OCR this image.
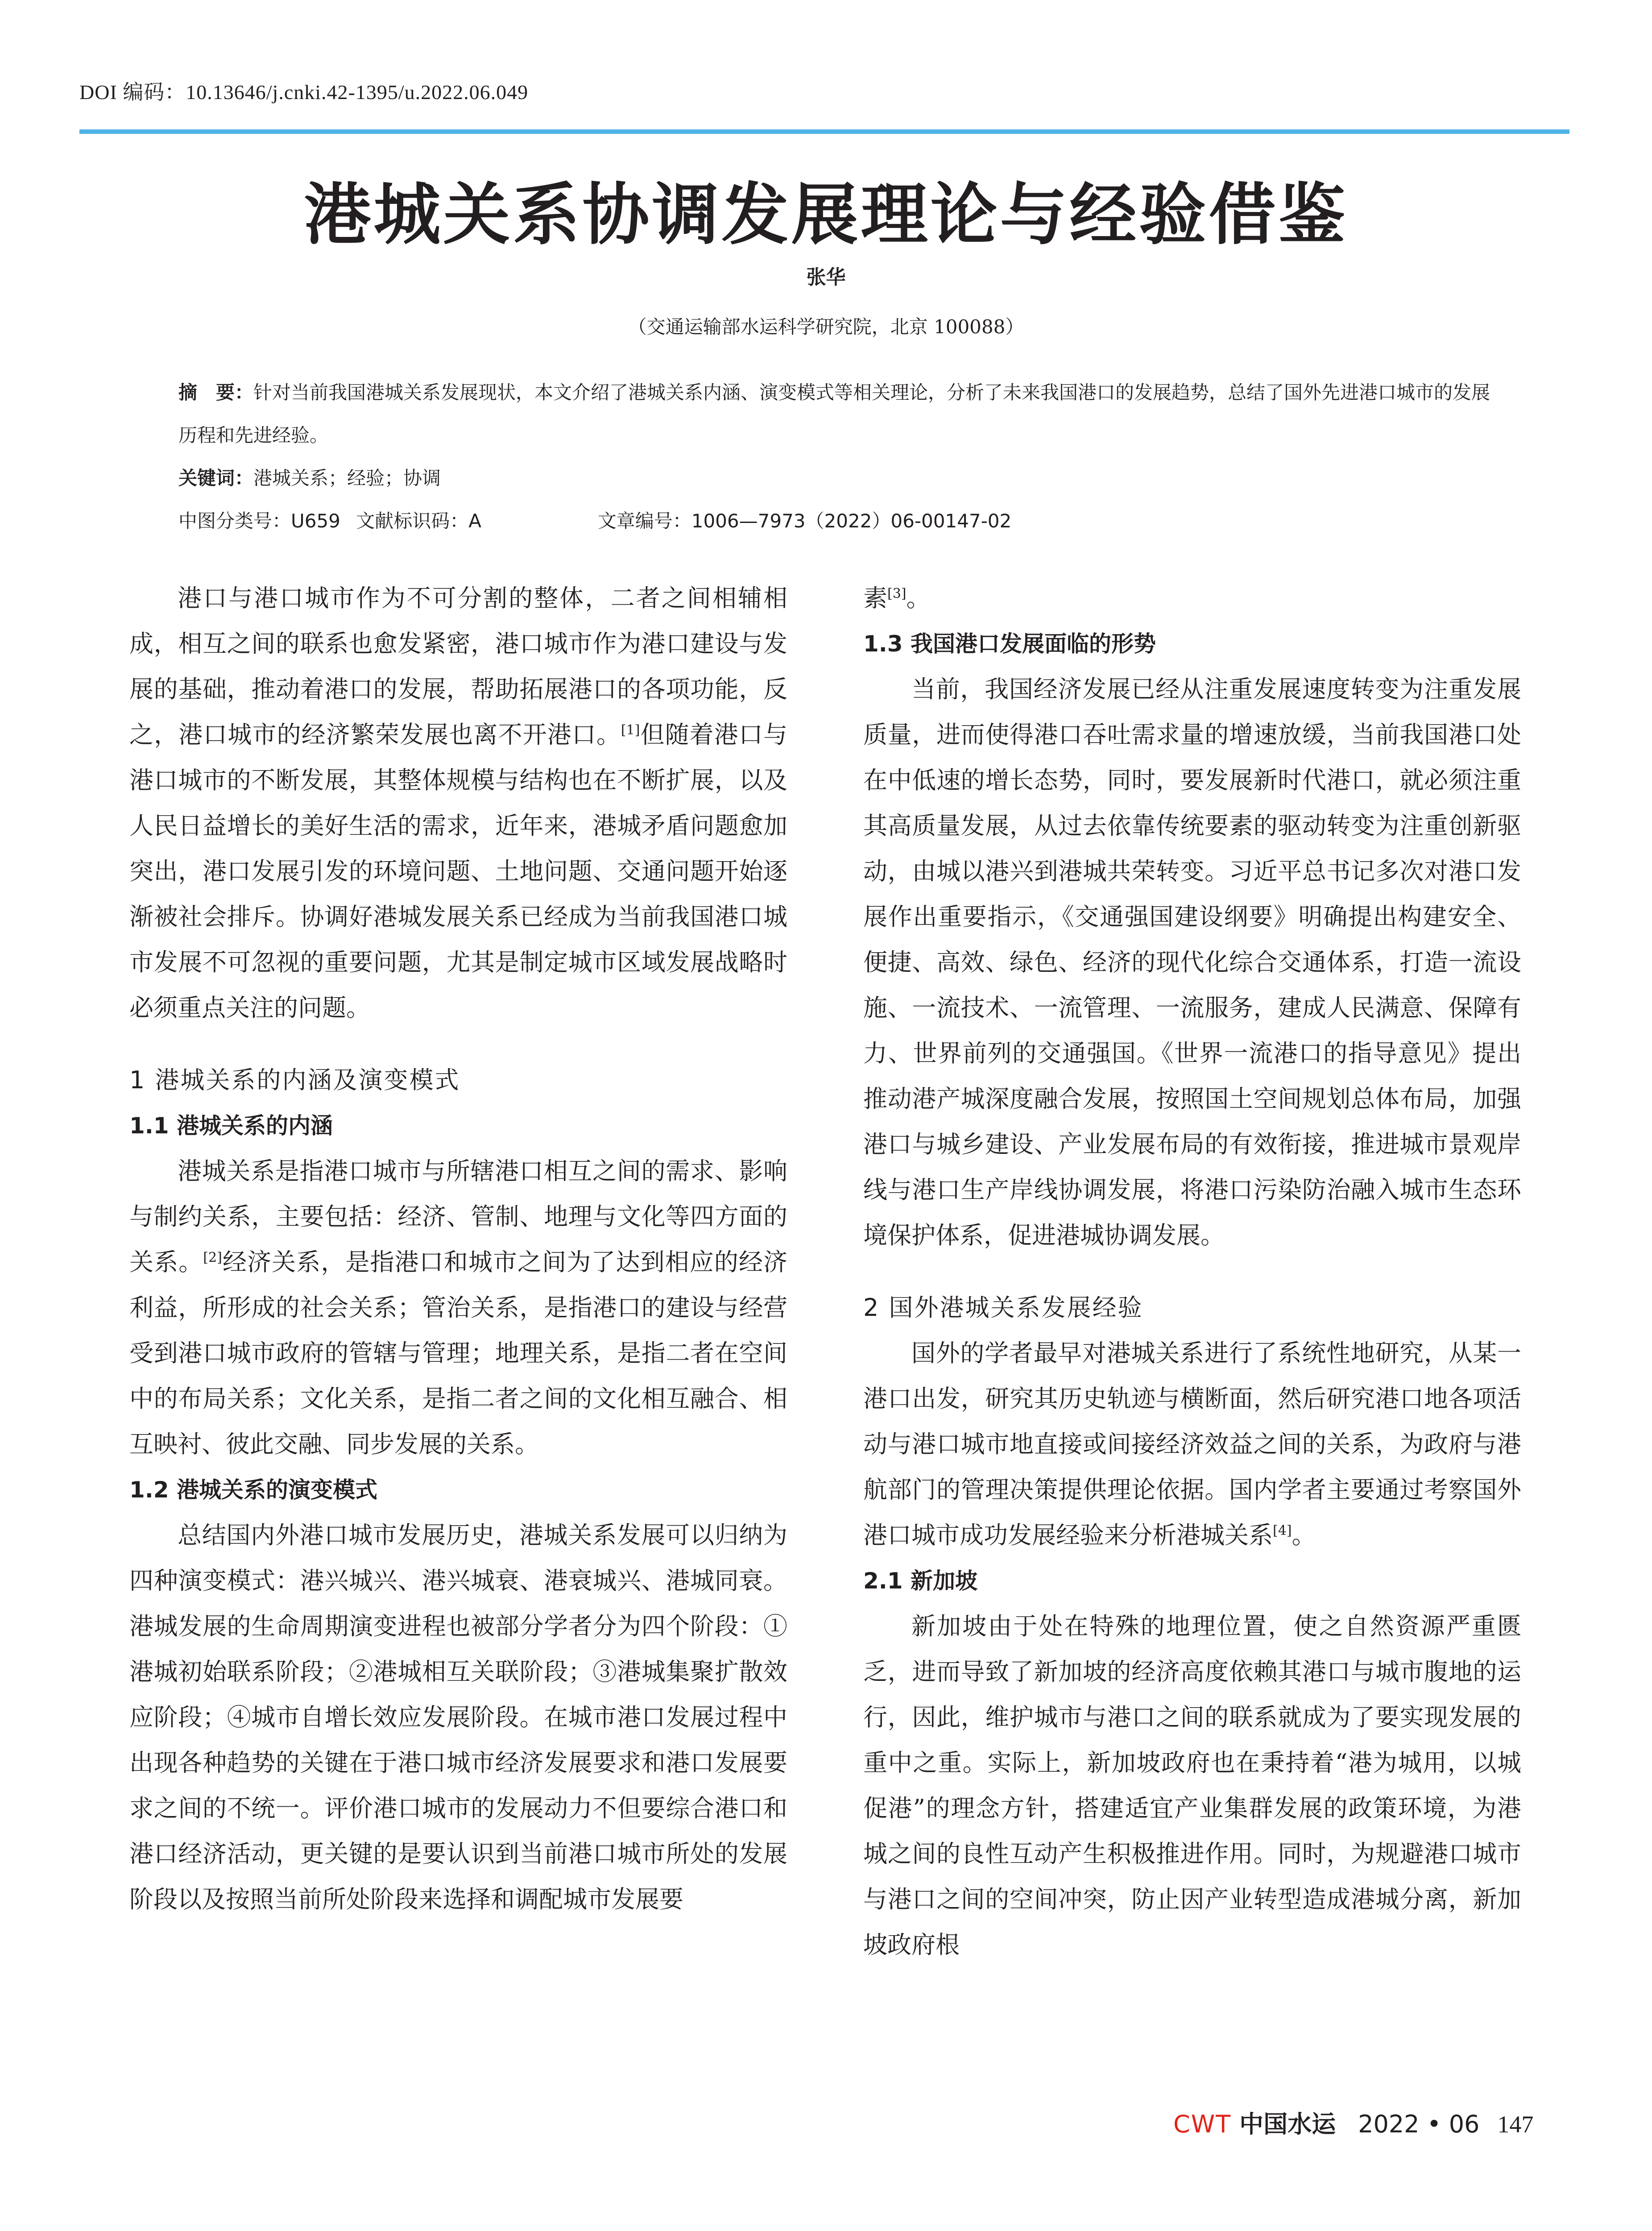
DOI 编码：10.13646/j.cnki.42-1395/u.2022.06.049
港城关系协调发展理论与经验借鉴
张华
（交通运输部水运科学研究院，北京 100088）
摘　要：针对当前我国港城关系发展现状，本文介绍了港城关系内涵、演变模式等相关理论，分析了未来我国港口的发展趋势，总结了国外先进港口城市的发展历程和先进经验。
关键词：港城关系；经验；协调
中图分类号：U659 文献标识码：A	文章编号：1006—7973（2022）06-00147-02

港口与港口城市作为不可分割的整体，二者之间相辅相成，相互之间的联系也愈发紧密，港口城市作为港口建设与发展的基础，推动着港口的发展，帮助拓展港口的各项功能，反之，港口城市的经济繁荣发展也离不开港口。[1]但随着港口与港口城市的不断发展，其整体规模与结构也在不断扩展，以及人民日益增长的美好生活的需求，近年来，港城矛盾问题愈加突出，港口发展引发的环境问题、土地问题、交通问题开始逐渐被社会排斥。协调好港城发展关系已经成为当前我国港口城市发展不可忽视的重要问题，尤其是制定城市区域发展战略时必须重点关注的问题。

1 港城关系的内涵及演变模式
1.1 港城关系的内涵

港城关系是指港口城市与所辖港口相互之间的需求、影响与制约关系，主要包括：经济、管制、地理与文化等四方面的关系。[2]经济关系，是指港口和城市之间为了达到相应的经济利益，所形成的社会关系；管治关系，是指港口的建设与经营受到港口城市政府的管辖与管理；地理关系，是指二者在空间中的布局关系；文化关系，是指二者之间的文化相互融合、相互映衬、彼此交融、同步发展的关系。

1.2 港城关系的演变模式

总结国内外港口城市发展历史，港城关系发展可以归纳为四种演变模式：港兴城兴、港兴城衰、港衰城兴、港城同衰。港城发展的生命周期演变进程也被部分学者分为四个阶段：①港城初始联系阶段；②港城相互关联阶段；③港城集聚扩散效应阶段；④城市自增长效应发展阶段。在城市港口发展过程中出现各种趋势的关键在于港口城市经济发展要求和港口发展要求之间的不统一。评价港口城市的发展动力不但要综合港口和港口经济活动，更关键的是要认识到当前港口城市所处的发展阶段以及按照当前所处阶段来选择和调配城市发展要

素[3]。

1.3 我国港口发展面临的形势

当前，我国经济发展已经从注重发展速度转变为注重发展质量，进而使得港口吞吐需求量的增速放缓，当前我国港口处在中低速的增长态势，同时，要发展新时代港口，就必须注重其高质量发展，从过去依靠传统要素的驱动转变为注重创新驱动，由城以港兴到港城共荣转变。习近平总书记多次对港口发展作出重要指示，《交通强国建设纲要》明确提出构建安全、便捷、高效、绿色、经济的现代化综合交通体系，打造一流设施、一流技术、一流管理、一流服务，建成人民满意、保障有力、世界前列的交通强国。《世界一流港口的指导意见》提出推动港产城深度融合发展，按照国土空间规划总体布局，加强港口与城乡建设、产业发展布局的有效衔接，推进城市景观岸线与港口生产岸线协调发展，将港口污染防治融入城市生态环境保护体系，促进港城协调发展。

2 国外港城关系发展经验

国外的学者最早对港城关系进行了系统性地研究，从某一港口出发，研究其历史轨迹与横断面，然后研究港口地各项活动与港口城市地直接或间接经济效益之间的关系，为政府与港航部门的管理决策提供理论依据。国内学者主要通过考察国外港口城市成功发展经验来分析港城关系[4]。

2.1 新加坡

新加坡由于处在特殊的地理位置，使之自然资源严重匮乏，进而导致了新加坡的经济高度依赖其港口与城市腹地的运行，因此，维护城市与港口之间的联系就成为了要实现发展的重中之重。实际上，新加坡政府也在秉持着“港为城用，以城促港”的理念方针，搭建适宜产业集群发展的政策环境，为港城之间的良性互动产生积极推进作用。同时，为规避港口城市与港口之间的空间冲突，防止因产业转型造成港城分离，新加坡政府根

CWT 中国水运 2022 • 06 147
